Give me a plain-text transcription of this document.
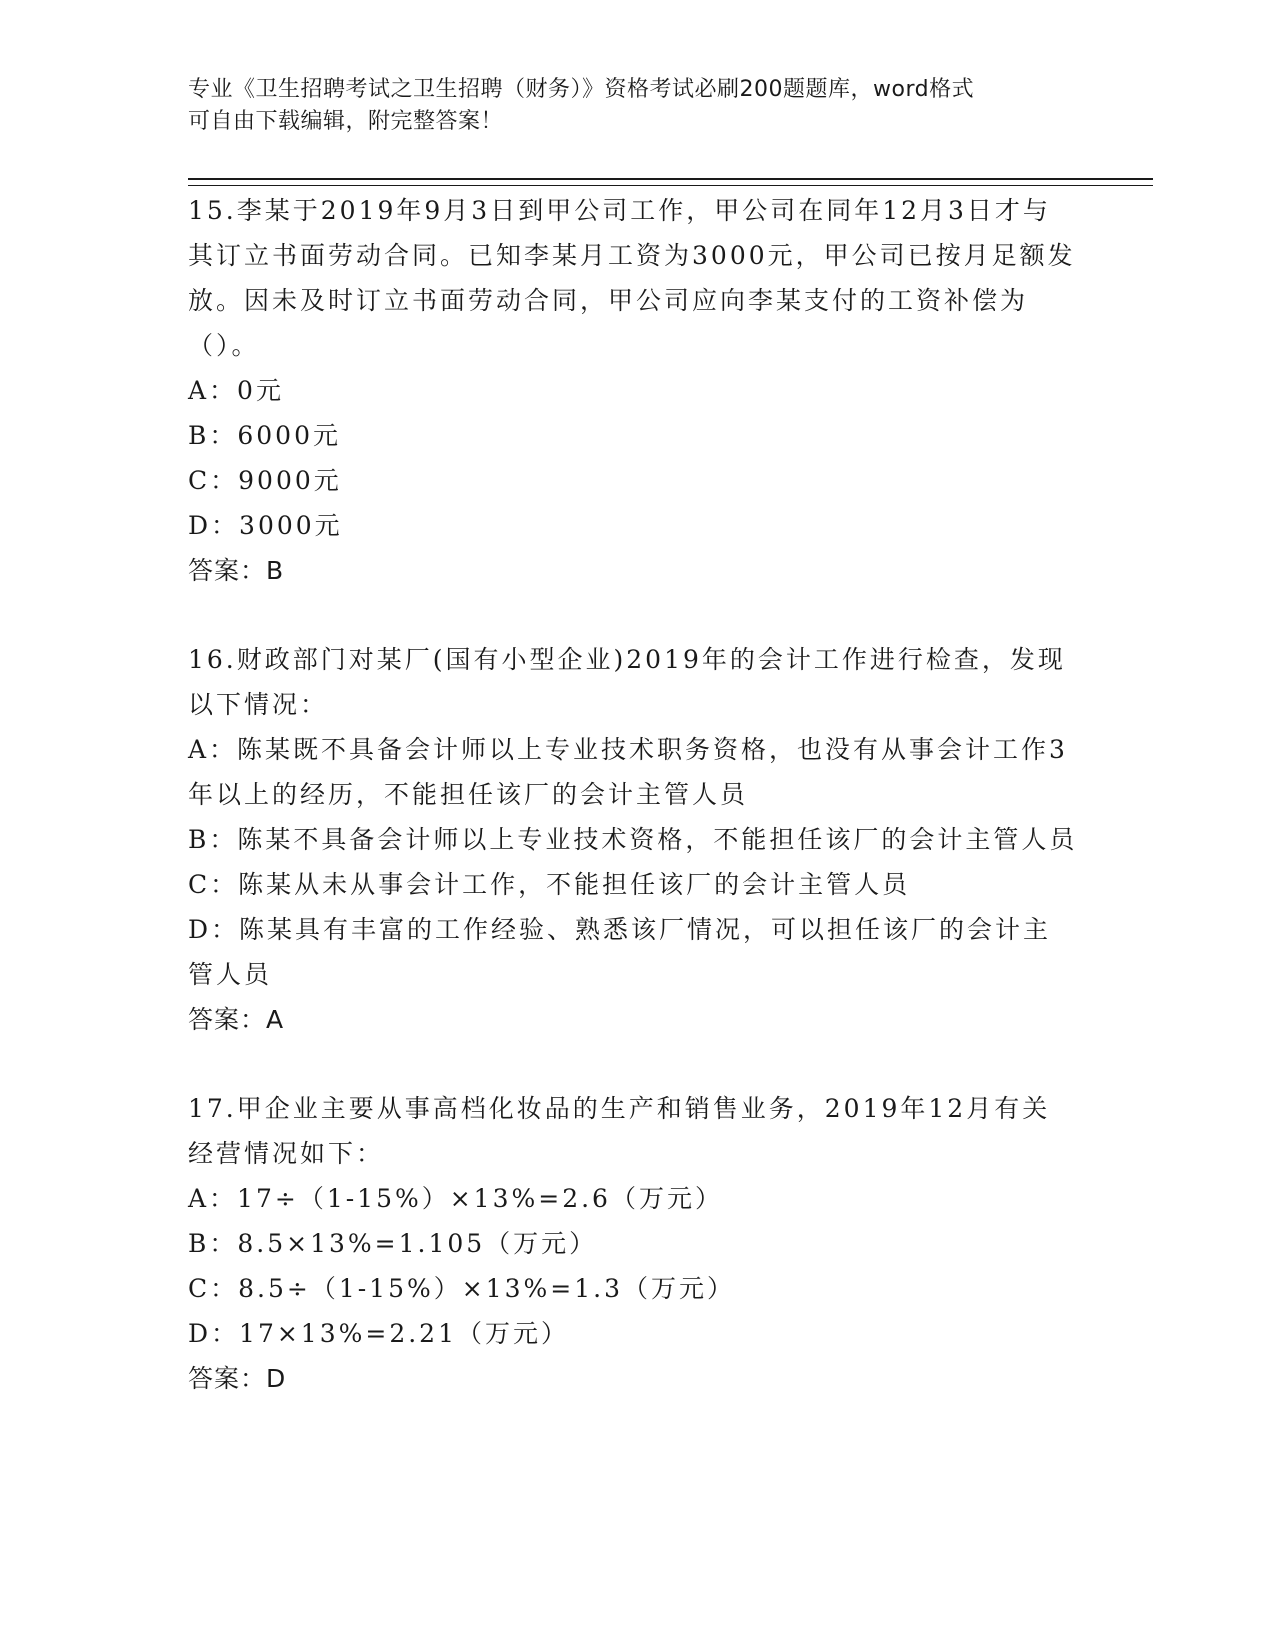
专业《卫生招聘考试之卫生招聘（财务）》资格考试必刷200题题库，word格式
可自由下载编辑，附完整答案！

15.李某于2019年9月3日到甲公司工作，甲公司在同年12月3日才与其订立书面劳动合同。已知李某月工资为3000元，甲公司已按月足额发放。因未及时订立书面劳动合同，甲公司应向李某支付的工资补偿为（）。

A：0元

B：6000元

C：9000元

D：3000元

答案：B

16.财政部门对某厂(国有小型企业)2019年的会计工作进行检查，发现以下情况：

A：陈某既不具备会计师以上专业技术职务资格，也没有从事会计工作3年以上的经历，不能担任该厂的会计主管人员

B：陈某不具备会计师以上专业技术资格，不能担任该厂的会计主管人员

C：陈某从未从事会计工作，不能担任该厂的会计主管人员

D：陈某具有丰富的工作经验、熟悉该厂情况，可以担任该厂的会计主管人员

答案：A

17.甲企业主要从事高档化妆品的生产和销售业务，2019年12月有关经营情况如下：

A：17÷（1-15%）×13%=2.6（万元）

B：8.5×13%=1.105（万元）

C：8.5÷（1-15%）×13%=1.3（万元）

D：17×13%=2.21（万元）

答案：D
